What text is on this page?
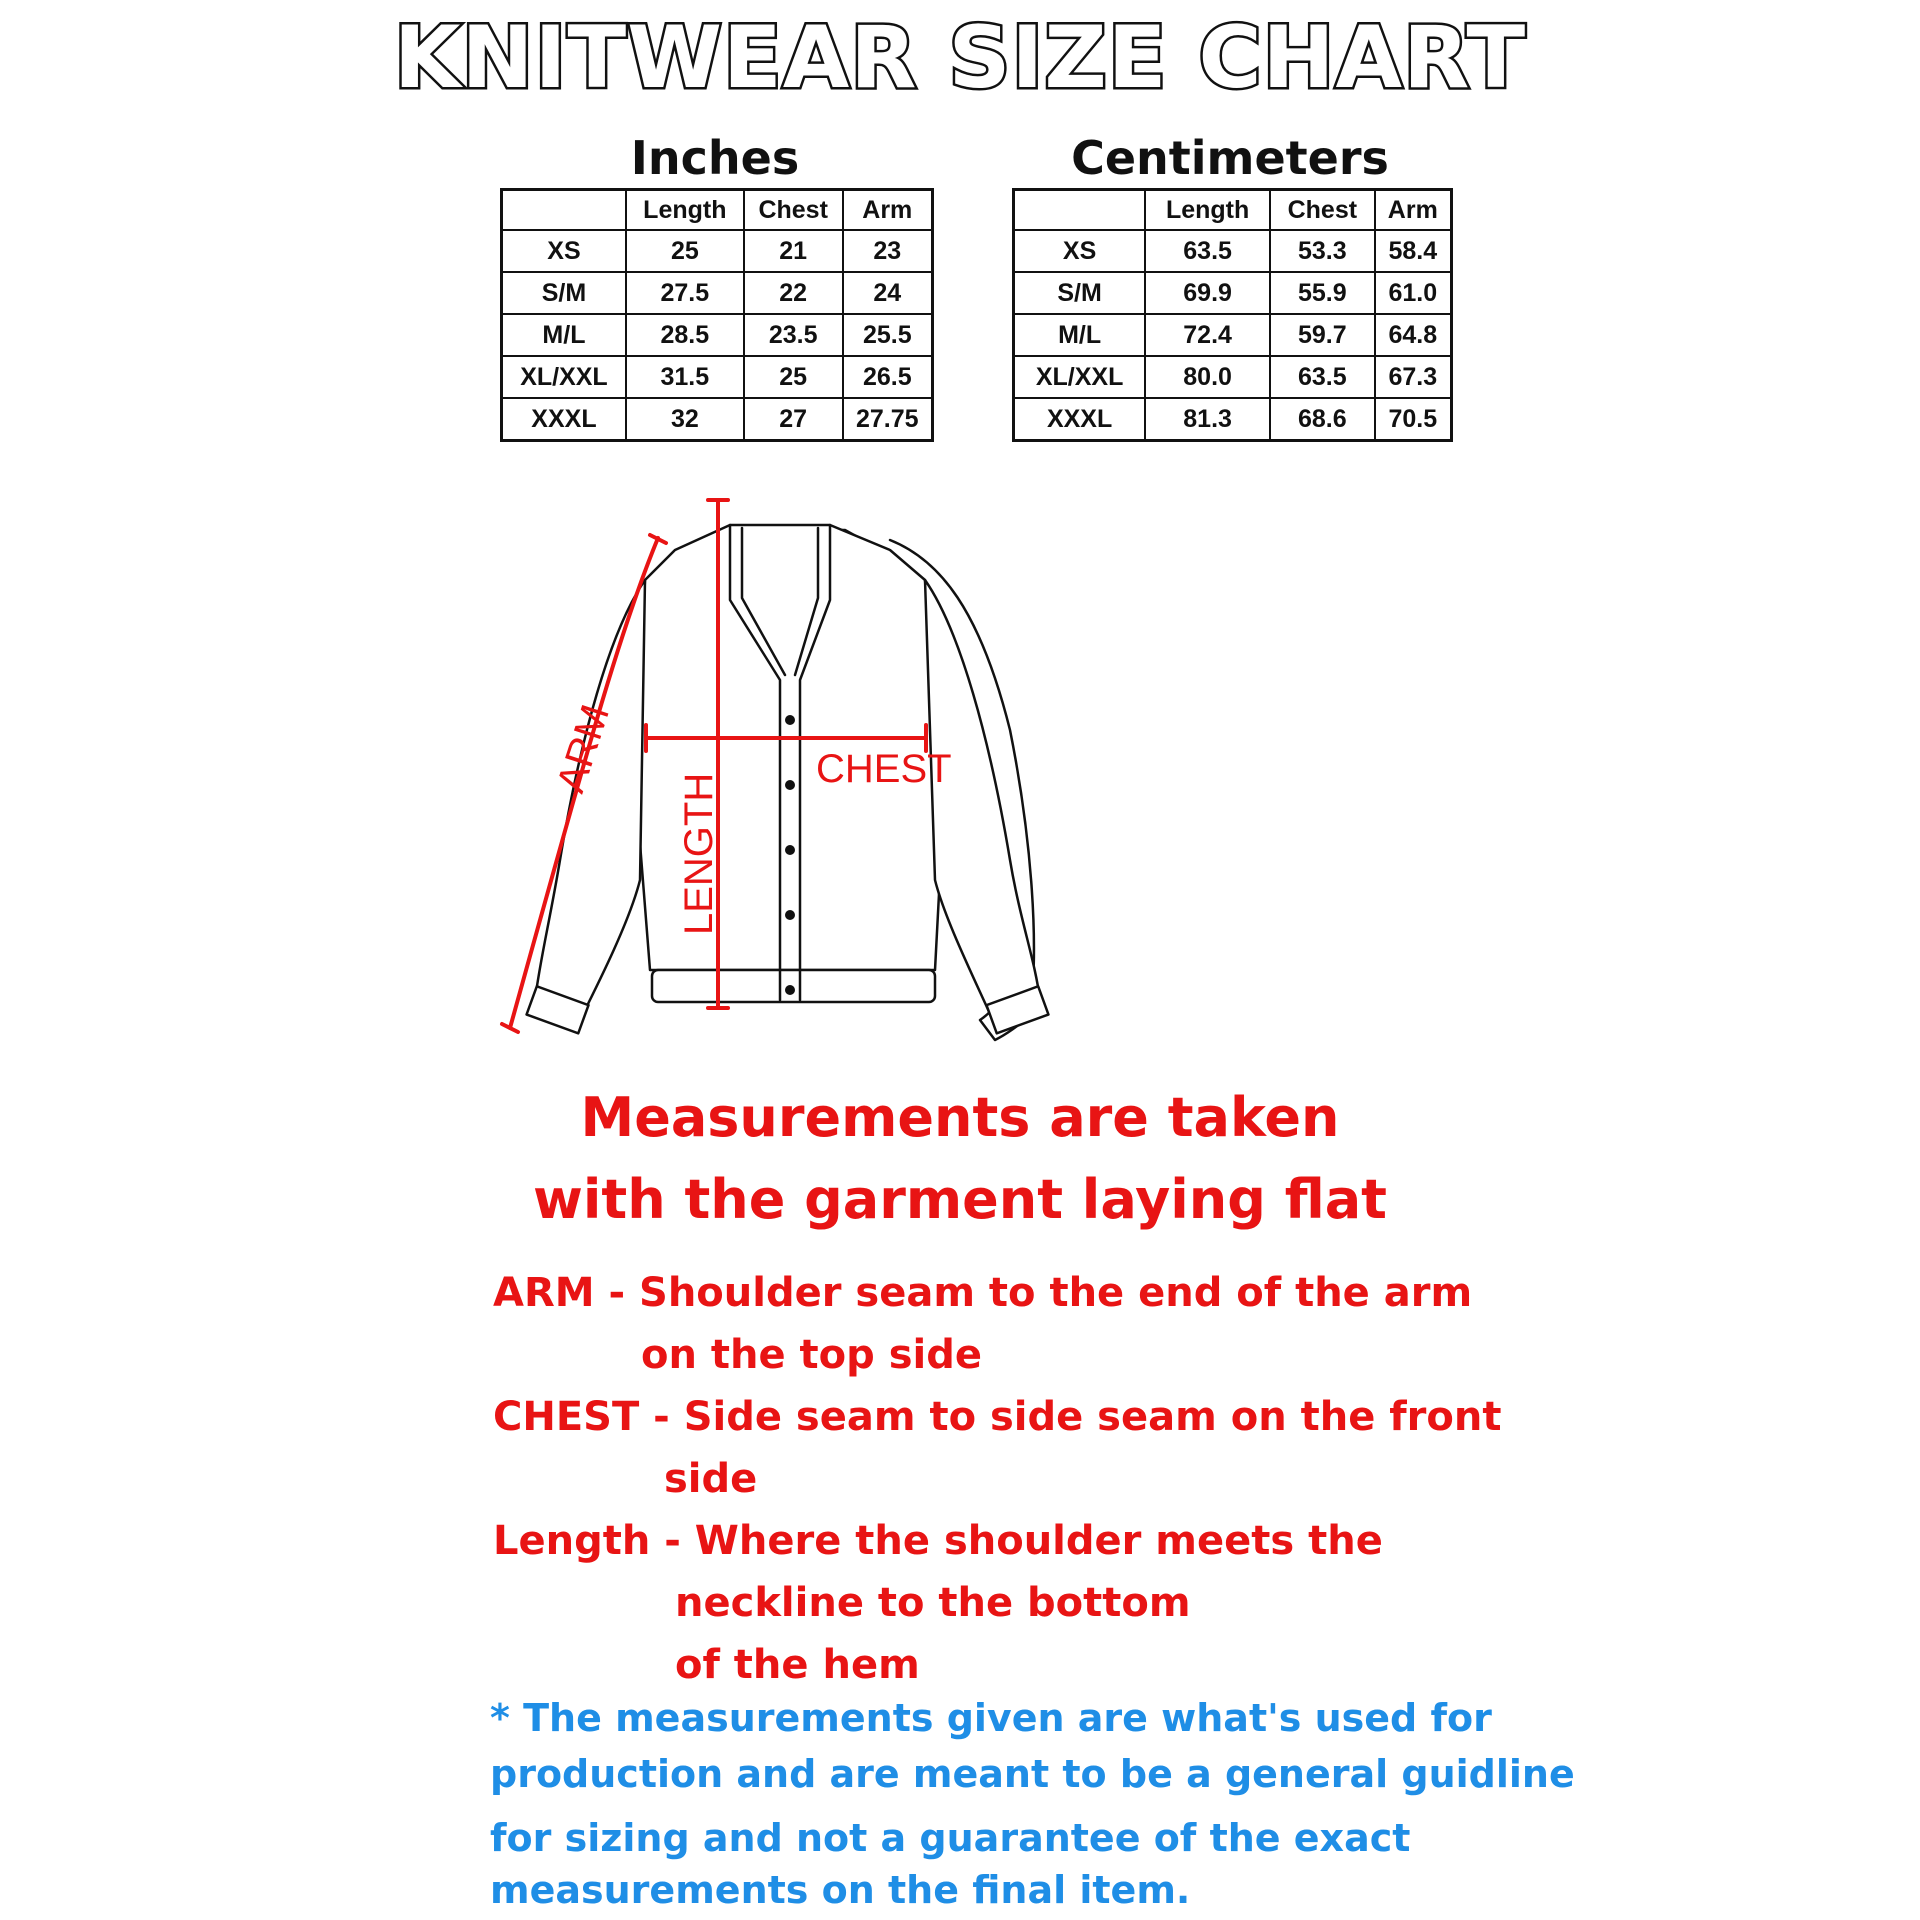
KNITWEAR SIZE CHART
Inches
	Length	Chest	Arm
XS	25	21	23
S/M	27.5	22	24
M/L	28.5	23.5	25.5
XL/XXL	31.5	25	26.5
XXXL	32	27	27.75
Centimeters
	Length	Chest	Arm
XS	63.5	53.3	58.4
S/M	69.9	55.9	61.0
M/L	72.4	59.7	64.8
XL/XXL	80.0	63.5	67.3
XXXL	81.3	68.6	70.5
ARM
LENGTH
CHEST
Measurements are taken
with the garment laying flat
ARM - Shoulder seam to the end of the arm
on the top side
CHEST - Side seam to side seam on the front
side
Length - Where the shoulder meets the
neckline to the bottom
of the hem
* The measurements given are what's used for
production and are meant to be a general guidline
for sizing and not a guarantee of the exact
measurements on the final item.
